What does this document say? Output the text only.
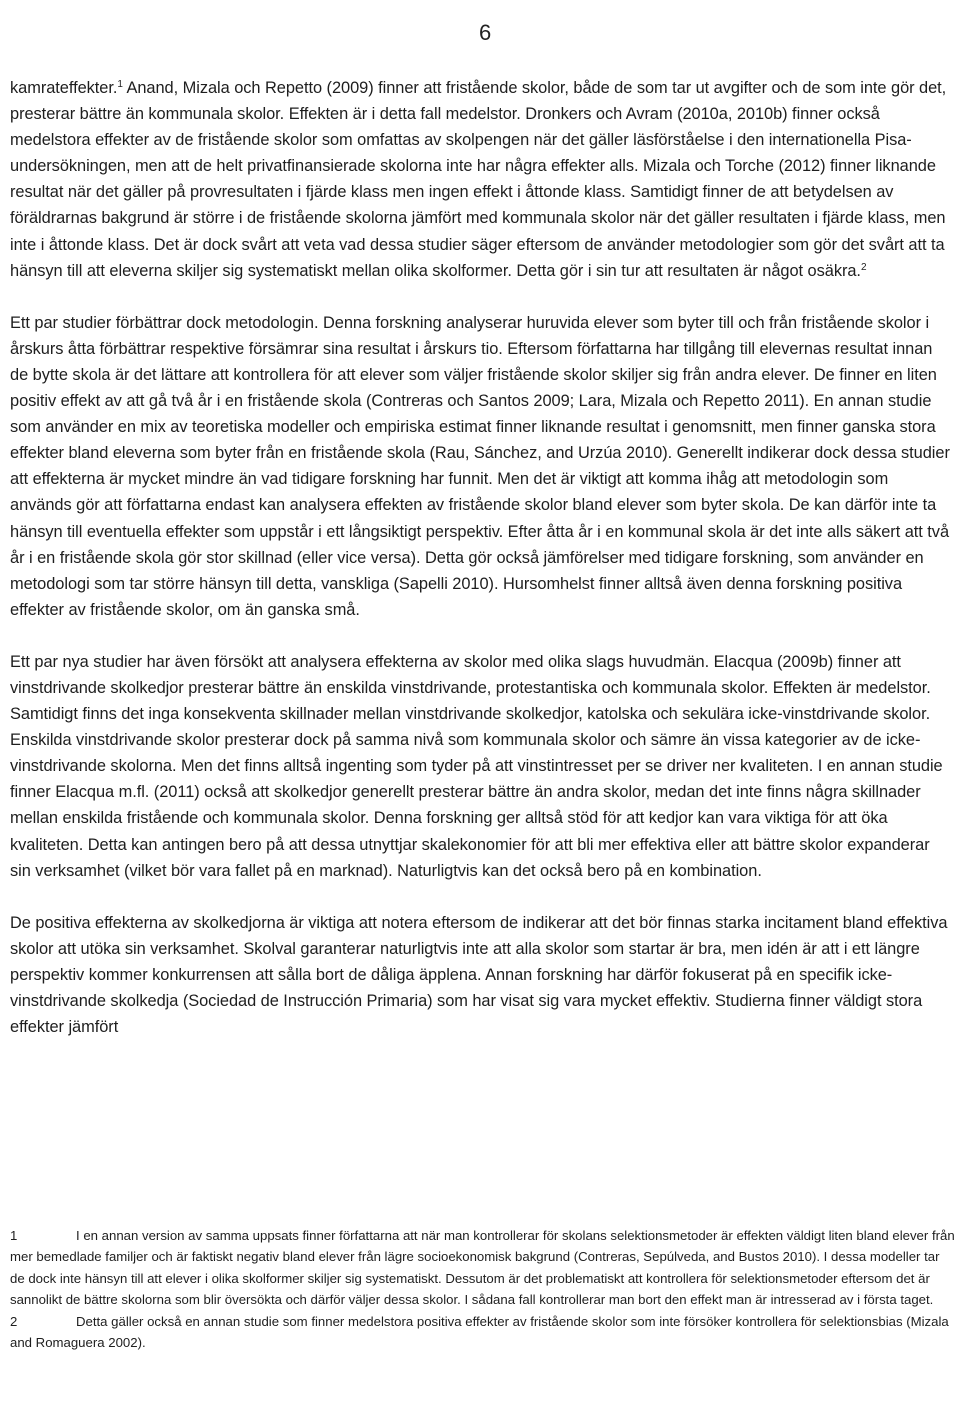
6

kamrateffekter.$^1$ Anand, Mizala och Repetto (2009) finner att fristående skolor, både de som tar ut avgifter och de som inte gör det, presterar bättre än kommunala skolor. Effekten är i detta fall medelstor. Dronkers och Avram (2010a, 2010b) finner också medelstora effekter av de fristående skolor som omfattas av skolpengen när det gäller läsförståelse i den internationella Pisa-undersökningen, men att de helt privatfinansierade skolorna inte har några effekter alls. Mizala och Torche (2012) finner liknande resultat när det gäller på provresultaten i fjärde klass men ingen effekt i åttonde klass. Samtidigt finner de att betydelsen av föräldrarnas bakgrund är större i de fristående skolorna jämfört med kommunala skolor när det gäller resultaten i fjärde klass, men inte i åttonde klass. Det är dock svårt att veta vad dessa studier säger eftersom de använder metodologier som gör det svårt att ta hänsyn till att eleverna skiljer sig systematiskt mellan olika skolformer. Detta gör i sin tur att resultaten är något osäkra.$^2$

Ett par studier förbättrar dock metodologin. Denna forskning analyserar huruvida elever som byter till och från fristående skolor i årskurs åtta förbättrar respektive försämrar sina resultat i årskurs tio. Eftersom författarna har tillgång till elevernas resultat innan de bytte skola är det lättare att kontrollera för att elever som väljer fristående skolor skiljer sig från andra elever. De finner en liten positiv effekt av att gå två år i en fristående skola (Contreras och Santos 2009; Lara, Mizala och Repetto 2011). En annan studie som använder en mix av teoretiska modeller och empiriska estimat finner liknande resultat i genomsnitt, men finner ganska stora effekter bland eleverna som byter från en fristående skola (Rau, Sánchez, and Urzúa 2010). Generellt indikerar dock dessa studier att effekterna är mycket mindre än vad tidigare forskning har funnit. Men det är viktigt att komma ihåg att metodologin som används gör att författarna endast kan analysera effekten av fristående skolor bland elever som byter skola. De kan därför inte ta hänsyn till eventuella effekter som uppstår i ett långsiktigt perspektiv. Efter åtta år i en kommunal skola är det inte alls säkert att två år i en fristående skola gör stor skillnad (eller vice versa). Detta gör också jämförelser med tidigare forskning, som använder en metodologi som tar större hänsyn till detta, vanskliga (Sapelli 2010). Hursomhelst finner alltså även denna forskning positiva effekter av fristående skolor, om än ganska små.

Ett par nya studier har även försökt att analysera effekterna av skolor med olika slags huvudmän. Elacqua (2009b) finner att vinstdrivande skolkedjor presterar bättre än enskilda vinstdrivande, protestantiska och kommunala skolor. Effekten är medelstor. Samtidigt finns det inga konsekventa skillnader mellan vinstdrivande skolkedjor, katolska och sekulära icke-vinstdrivande skolor. Enskilda vinstdrivande skolor presterar dock på samma nivå som kommunala skolor och sämre än vissa kategorier av de icke-vinstdrivande skolorna. Men det finns alltså ingenting som tyder på att vinstintresset per se driver ner kvaliteten. I en annan studie finner Elacqua m.fl. (2011) också att skolkedjor generellt presterar bättre än andra skolor, medan det inte finns några skillnader mellan enskilda fristående och kommunala skolor. Denna forskning ger alltså stöd för att kedjor kan vara viktiga för att öka kvaliteten. Detta kan antingen bero på att dessa utnyttjar skalekonomier för att bli mer effektiva eller att bättre skolor expanderar sin verksamhet (vilket bör vara fallet på en marknad). Naturligtvis kan det också bero på en kombination.

De positiva effekterna av skolkedjorna är viktiga att notera eftersom de indikerar att det bör finnas starka incitament bland effektiva skolor att utöka sin verksamhet. Skolval garanterar naturligtvis inte att alla skolor som startar är bra, men idén är att i ett längre perspektiv kommer konkurrensen att sålla bort de dåliga äpplena. Annan forskning har därför fokuserat på en specifik icke-vinstdrivande skolkedja (Sociedad de Instrucción Primaria) som har visat sig vara mycket effektiv. Studierna finner väldigt stora effekter jämfört

1	I en annan version av samma uppsats finner författarna att när man kontrollerar för skolans selektionsmetoder är effekten väldigt liten bland elever från mer bemedlade familjer och är faktiskt negativ bland elever från lägre socioekonomisk bakgrund (Contreras, Sepúlveda, and Bustos 2010). I dessa modeller tar de dock inte hänsyn till att elever i olika skolformer skiljer sig systematiskt. Dessutom är det problematiskt att kontrollera för selektionsmetoder eftersom det är sannolikt de bättre skolorna som blir översökta och därför väljer dessa skolor. I sådana fall kontrollerar man bort den effekt man är intresserad av i första taget.

2	Detta gäller också en annan studie som finner medelstora positiva effekter av fristående skolor som inte försöker kontrollera för selektionsbias (Mizala and Romaguera 2002).
